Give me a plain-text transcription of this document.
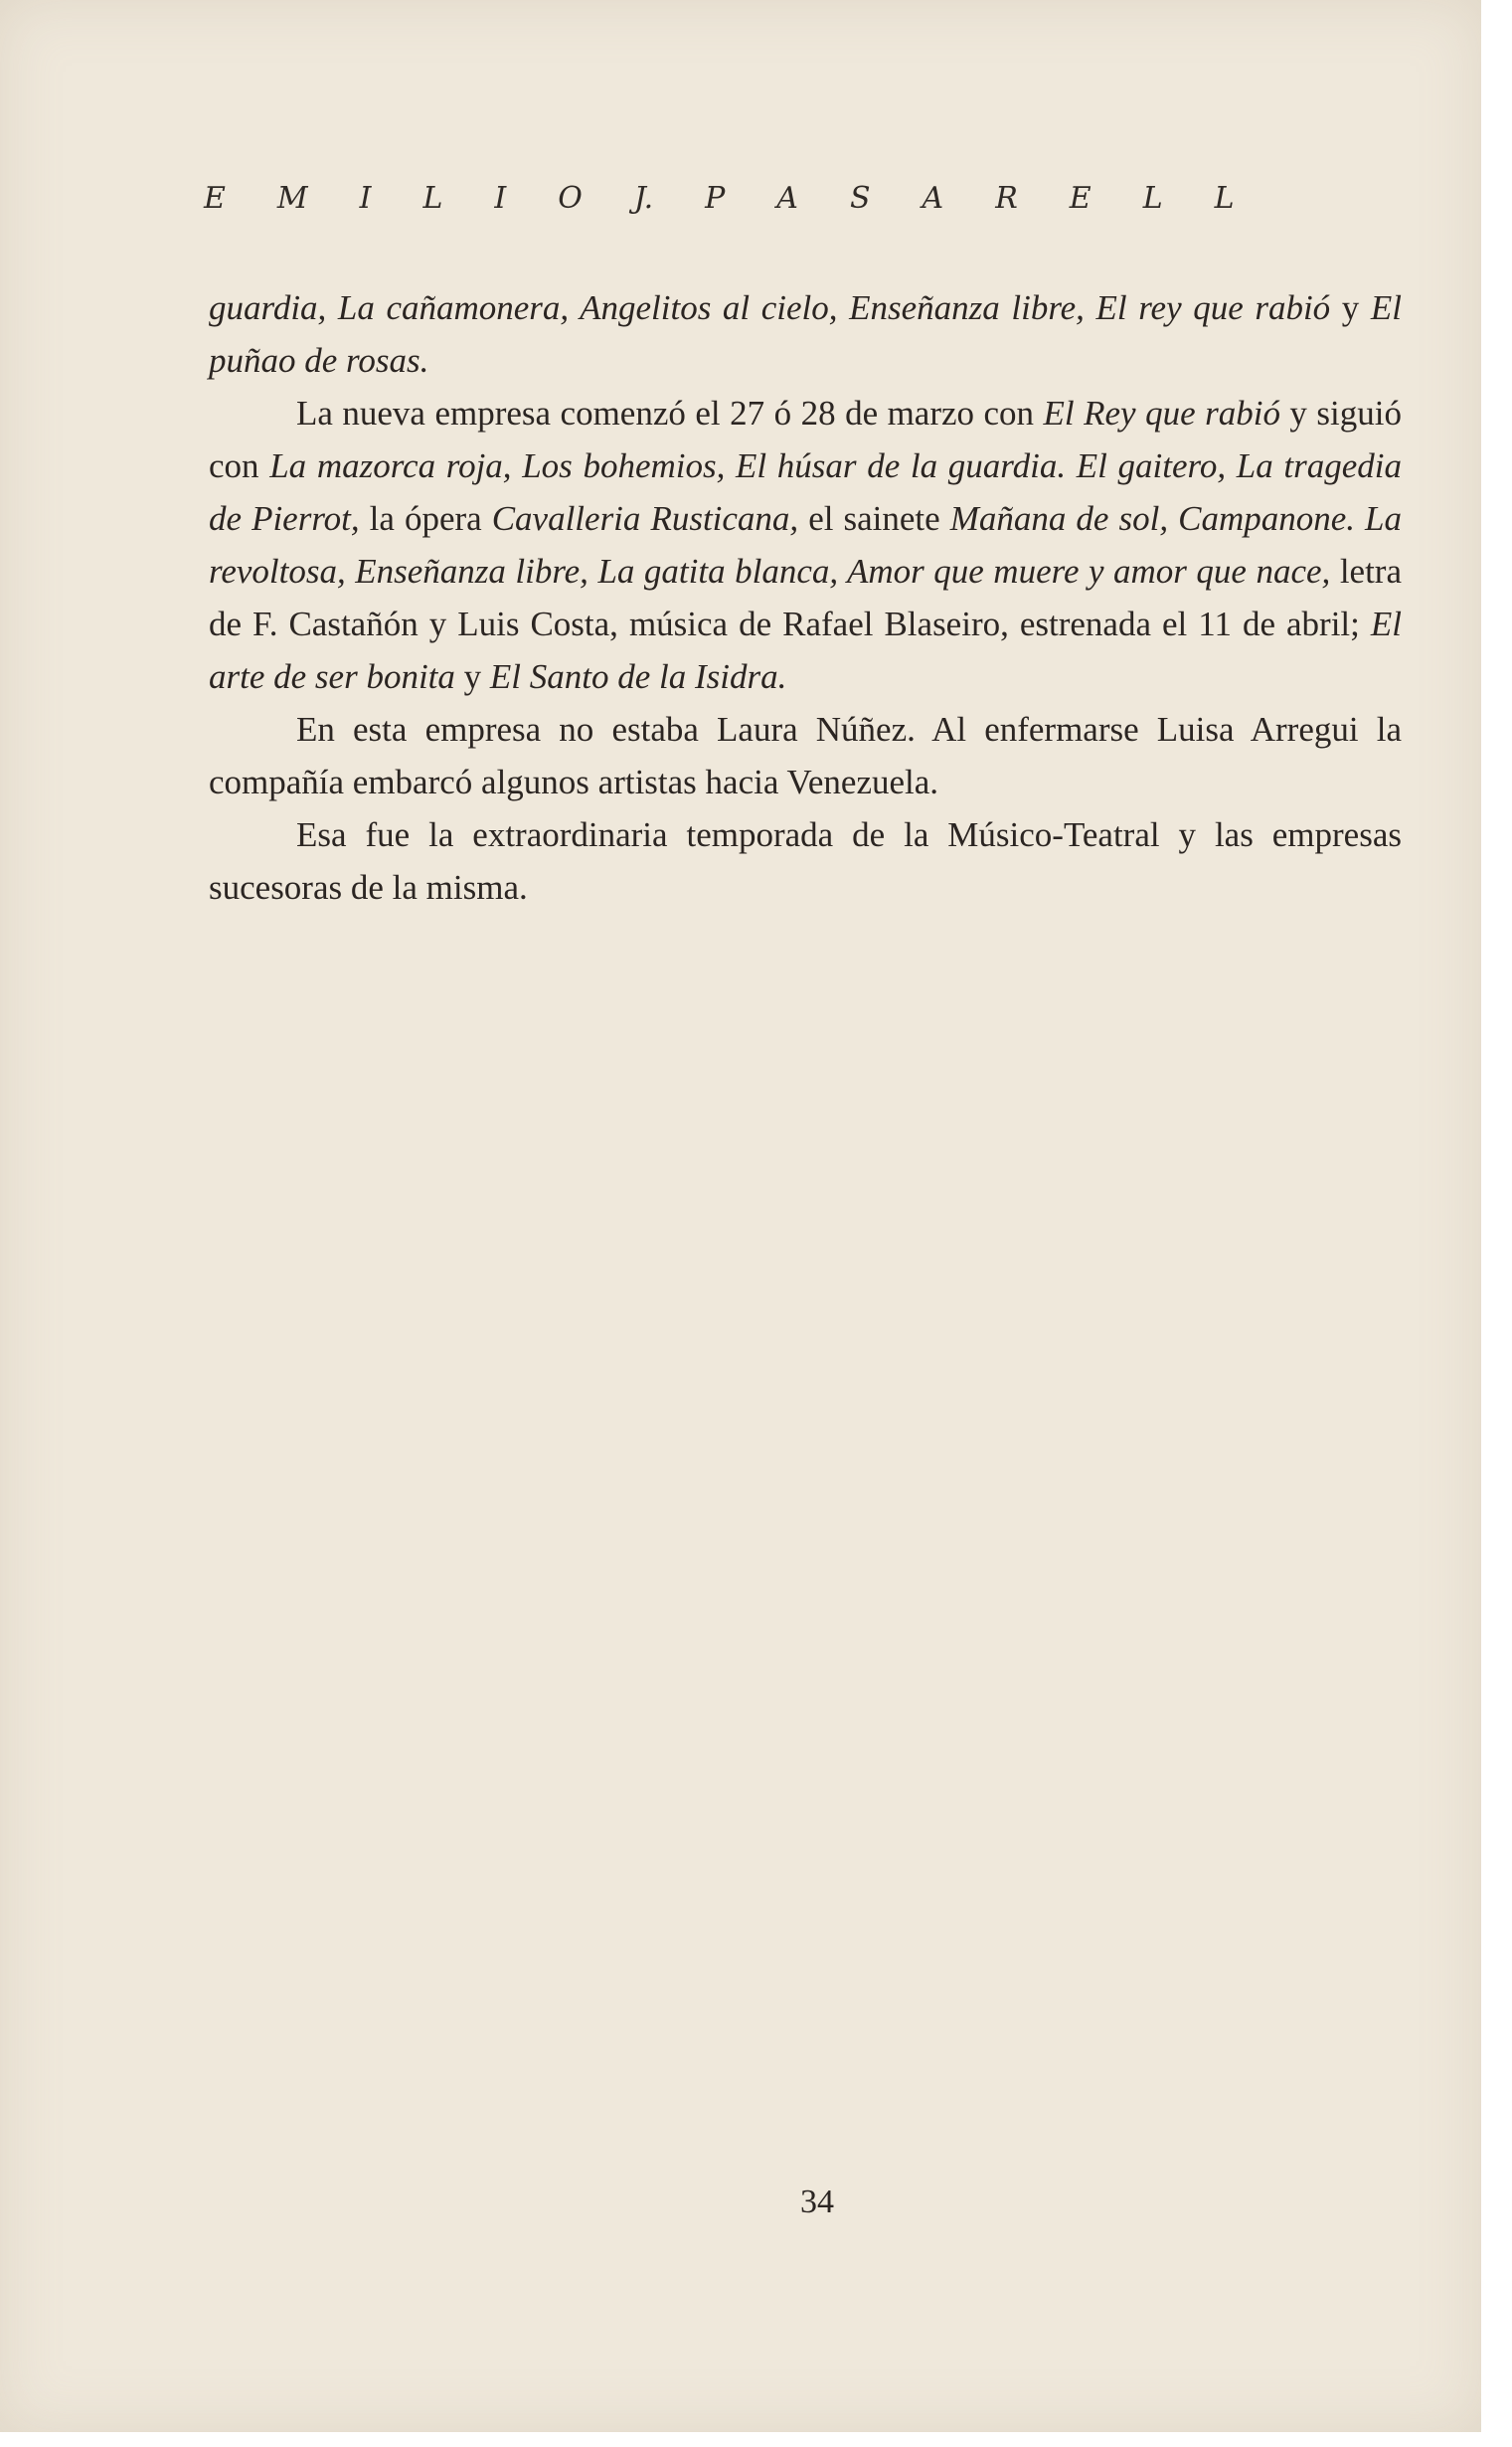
E M I L I O J. P A S A R E L L

guardia, La cañamonera, Angelitos al cielo, Enseñanza libre, El rey que rabió y El puñao de rosas.

La nueva empresa comenzó el 27 ó 28 de marzo con El Rey que rabió y siguió con La mazorca roja, Los bohemios, El húsar de la guardia. El gaitero, La tragedia de Pierrot, la ópera Cavalleria Rusticana, el sainete Mañana de sol, Campanone. La revoltosa, Enseñanza libre, La gatita blanca, Amor que muere y amor que nace, letra de F. Castañón y Luis Costa, música de Rafael Blaseiro, estrenada el 11 de abril; El arte de ser bonita y El Santo de la Isidra.

En esta empresa no estaba Laura Núñez. Al enfermarse Luisa Arregui la compañía embarcó algunos artistas hacia Venezuela.

Esa fue la extraordinaria temporada de la Músico-Teatral y las empresas sucesoras de la misma.

34
